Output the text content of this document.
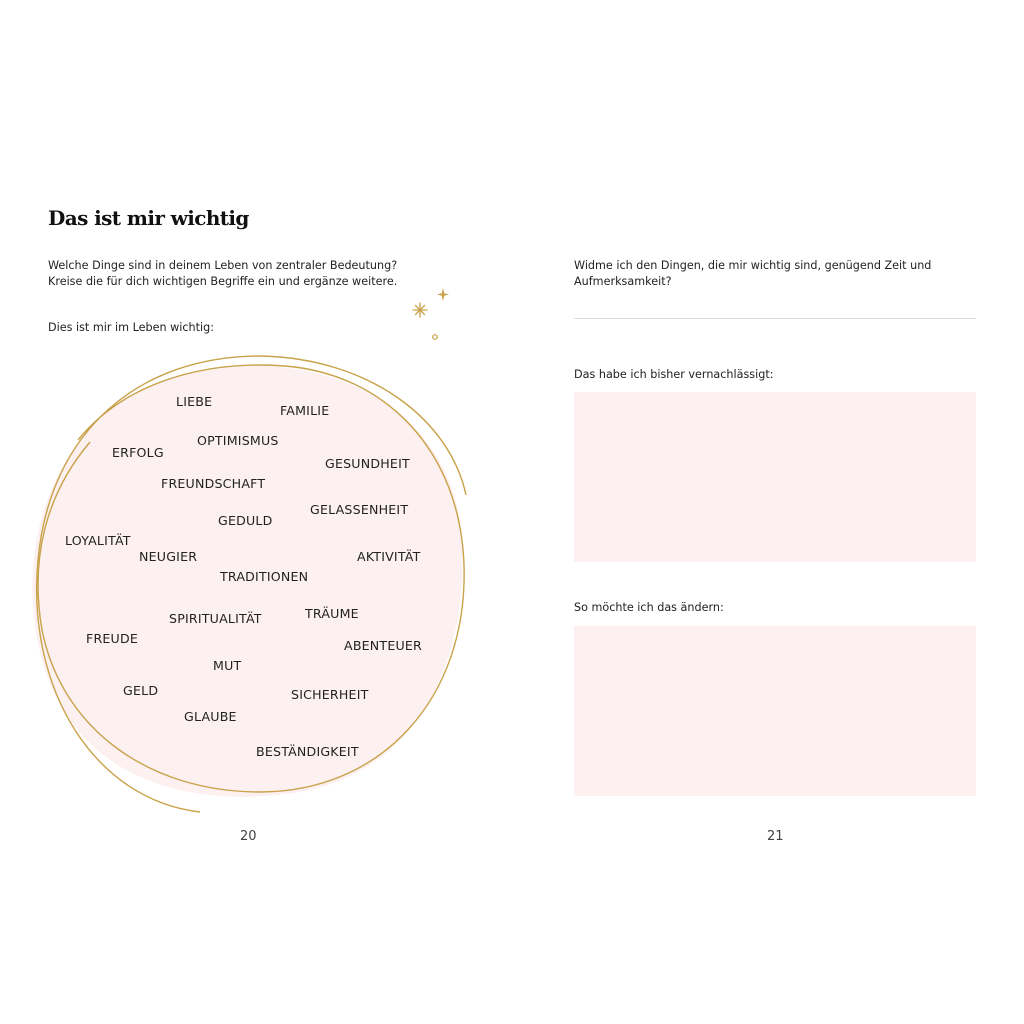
Das ist mir wichtig
Welche Dinge sind in deinem Leben von zentraler Bedeutung?
Kreise die für dich wichtigen Begriffe ein und ergänze weitere.
Dies ist mir im Leben wichtig:
LIEBE
FAMILIE
OPTIMISMUS
ERFOLG
GESUNDHEIT
FREUNDSCHAFT
GELASSENHEIT
GEDULD
LOYALITÄT
NEUGIER	AKTIVITÄT
TRADITIONEN
SPIRITUALITÄT	TRÄUME
FREUDE	ABENTEUER
MUT
GELD	SICHERHEIT
GLAUBE
BESTÄNDIGKEIT
20
Widme ich den Dingen, die mir wichtig sind, genügend Zeit und
Aufmerksamkeit?
Das habe ich bisher vernachlässigt:
So möchte ich das ändern:
21
